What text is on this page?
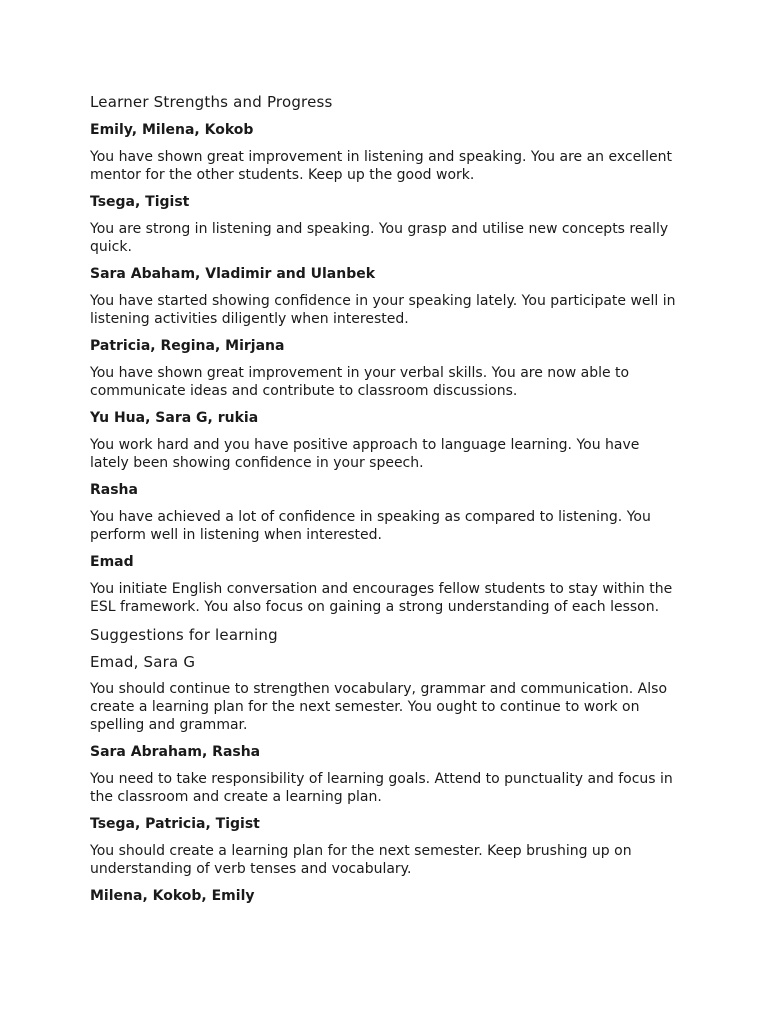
Learner Strengths and Progress
Emily, Milena, Kokob

You have shown great improvement in listening and speaking. You are an excellent mentor for the other students. Keep up the good work.

Tsega, Tigist

You are strong in listening and speaking. You grasp and utilise new concepts really quick.

Sara Abaham, Vladimir and Ulanbek

You have started showing confidence in your speaking lately. You participate well in listening activities diligently when interested.

Patricia, Regina, Mirjana

You have shown great improvement in your verbal skills. You are now able to communicate ideas and contribute to classroom discussions.

Yu Hua, Sara G, rukia

You work hard and you have positive approach to language learning. You have lately been showing confidence in your speech.

Rasha

You have achieved a lot of confidence in speaking as compared to listening. You perform well in listening when interested.

Emad

You initiate English conversation and encourages fellow students to stay within the ESL framework. You also focus on gaining a strong understanding of each lesson.

Suggestions for learning
Emad, Sara G

You should continue to strengthen vocabulary, grammar and communication. Also create a learning plan for the next semester. You ought to continue to work on spelling and grammar.

Sara Abraham, Rasha

You need to take responsibility of learning goals. Attend to punctuality and focus in the classroom and create a learning plan.

Tsega, Patricia, Tigist

You should create a learning plan for the next semester. Keep brushing up on understanding of verb tenses and vocabulary.

Milena, Kokob, Emily
